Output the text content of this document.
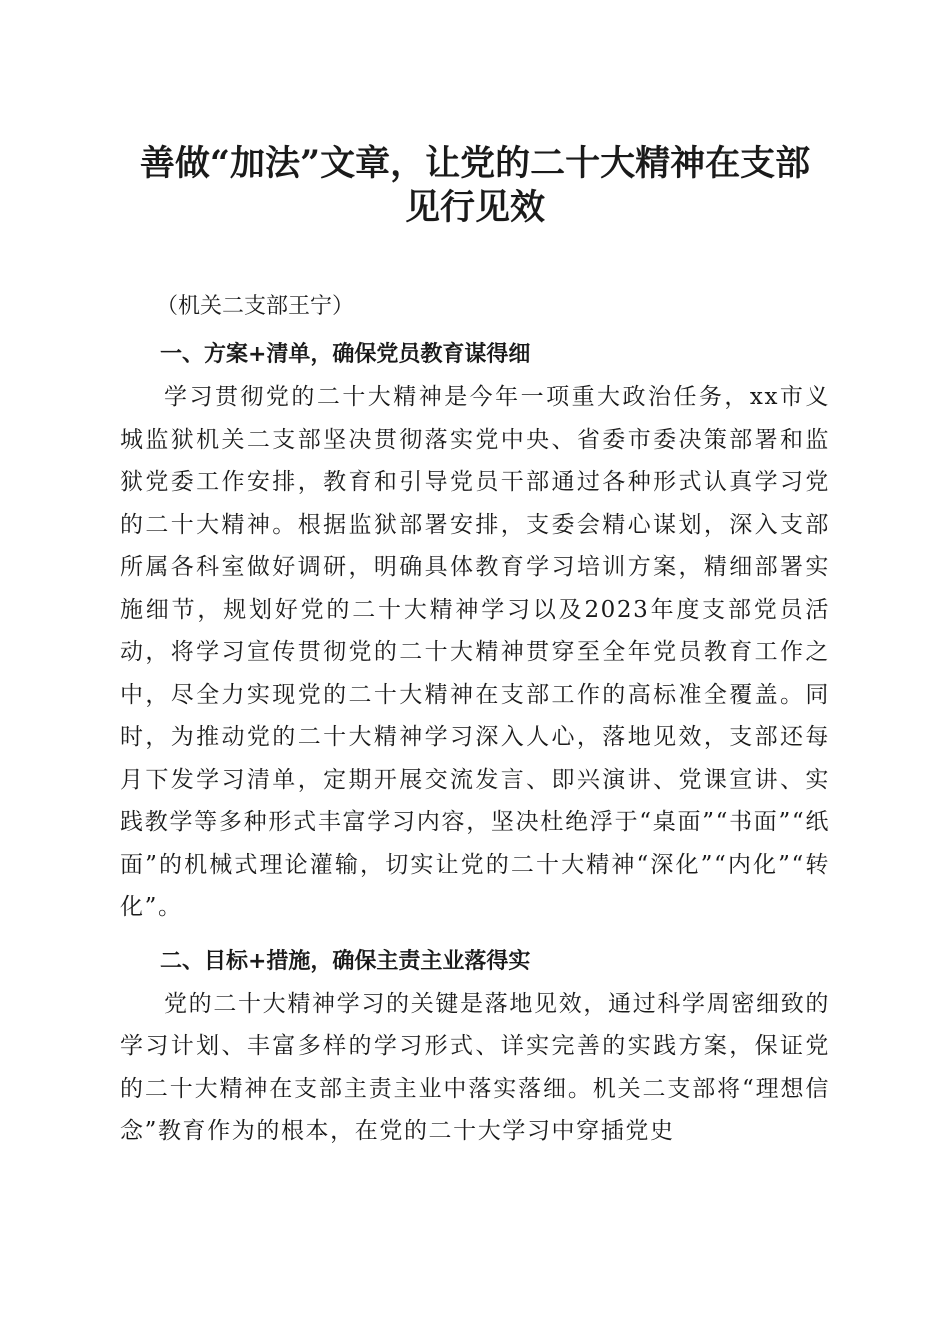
善做“加法”文章，让党的二十大精神在支部
见行见效
（机关二支部王宁）
一、方案+清单，确保党员教育谋得细
学习贯彻党的二十大精神是今年一项重大政治任务，xx市义城监狱机关二支部坚决贯彻落实党中央、省委市委决策部署和监狱党委工作安排，教育和引导党员干部通过各种形式认真学习党的二十大精神。根据监狱部署安排，支委会精心谋划，深入支部所属各科室做好调研，明确具体教育学习培训方案，精细部署实施细节，规划好党的二十大精神学习以及2023年度支部党员活动，将学习宣传贯彻党的二十大精神贯穿至全年党员教育工作之中，尽全力实现党的二十大精神在支部工作的高标准全覆盖。同时，为推动党的二十大精神学习深入人心，落地见效，支部还每月下发学习清单，定期开展交流发言、即兴演讲、党课宣讲、实践教学等多种形式丰富学习内容，坚决杜绝浮于“桌面”“书面”“纸面”的机械式理论灌输，切实让党的二十大精神“深化”“内化”“转化”。
二、目标+措施，确保主责主业落得实
党的二十大精神学习的关键是落地见效，通过科学周密细致的学习计划、丰富多样的学习形式、详实完善的实践方案，保证党的二十大精神在支部主责主业中落实落细。机关二支部将“理想信念”教育作为的根本，在党的二十大学习中穿插党史
